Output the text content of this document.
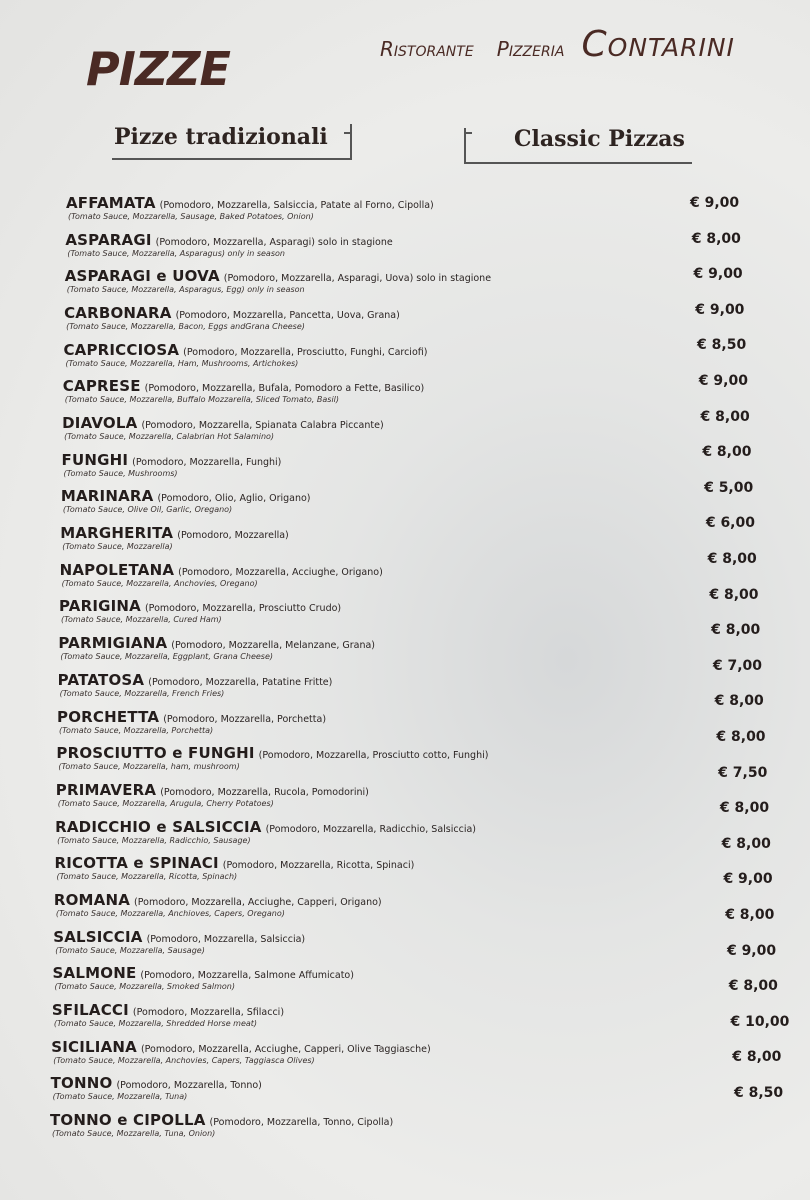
PIZZE	Ristorante Pizzeria Contarini
Pizze tradizionali	Classic Pizzas
AFFAMATA (Pomodoro, Mozzarella, Salsiccia, Patate al Forno, Cipolla)
(Tomato Sauce, Mozzarella, Sausage, Baked Potatoes, Onion)
€ 9,00
ASPARAGI (Pomodoro, Mozzarella, Asparagi) solo in stagione
(Tomato Sauce, Mozzarella, Asparagus) only in season
€ 8,00
ASPARAGI e UOVA (Pomodoro, Mozzarella, Asparagi, Uova) solo in stagione
(Tomato Sauce, Mozzarella, Asparagus, Egg) only in season
€ 9,00
CARBONARA (Pomodoro, Mozzarella, Pancetta, Uova, Grana)
(Tomato Sauce, Mozzarella, Bacon, Eggs andGrana Cheese)
€ 9,00
CAPRICCIOSA (Pomodoro, Mozzarella, Prosciutto, Funghi, Carciofi)
(Tomato Sauce, Mozzarella, Ham, Mushrooms, Artichokes)
€ 8,50
CAPRESE (Pomodoro, Mozzarella, Bufala, Pomodoro a Fette, Basilico)
(Tomato Sauce, Mozzarella, Buffalo Mozzarella, Sliced Tomato, Basil)
€ 9,00
DIAVOLA (Pomodoro, Mozzarella, Spianata Calabra Piccante)
(Tomato Sauce, Mozzarella, Calabrian Hot Salamino)
€ 8,00
FUNGHI (Pomodoro, Mozzarella, Funghi)
(Tomato Sauce, Mushrooms)
€ 8,00
MARINARA (Pomodoro, Olio, Aglio, Origano)
(Tomato Sauce, Olive Oil, Garlic, Oregano)
€ 5,00
MARGHERITA (Pomodoro, Mozzarella)
(Tomato Sauce, Mozzarella)
€ 6,00
NAPOLETANA (Pomodoro, Mozzarella, Acciughe, Origano)
(Tomato Sauce, Mozzarella, Anchovies, Oregano)
€ 8,00
PARIGINA (Pomodoro, Mozzarella, Prosciutto Crudo)
(Tomato Sauce, Mozzarella, Cured Ham)
€ 8,00
PARMIGIANA (Pomodoro, Mozzarella, Melanzane, Grana)
(Tomato Sauce, Mozzarella, Eggplant, Grana Cheese)
€ 8,00
PATATOSA (Pomodoro, Mozzarella, Patatine Fritte)
(Tomato Sauce, Mozzarella, French Fries)
€ 7,00
PORCHETTA (Pomodoro, Mozzarella, Porchetta)
(Tomato Sauce, Mozzarella, Porchetta)
€ 8,00
PROSCIUTTO e FUNGHI (Pomodoro, Mozzarella, Prosciutto cotto, Funghi)
(Tomato Sauce, Mozzarella, ham, mushroom)
€ 8,00
PRIMAVERA (Pomodoro, Mozzarella, Rucola, Pomodorini)
(Tomato Sauce, Mozzarella, Arugula, Cherry Potatoes)
€ 7,50
RADICCHIO e SALSICCIA (Pomodoro, Mozzarella, Radicchio, Salsiccia)
(Tomato Sauce, Mozzarella, Radicchio, Sausage)
€ 8,00
RICOTTA e SPINACI (Pomodoro, Mozzarella, Ricotta, Spinaci)
(Tomato Sauce, Mozzarella, Ricotta, Spinach)
€ 8,00
ROMANA (Pomodoro, Mozzarella, Acciughe, Capperi, Origano)
(Tomato Sauce, Mozzarella, Anchioves, Capers, Oregano)
€ 9,00
SALSICCIA (Pomodoro, Mozzarella, Salsiccia)
(Tomato Sauce, Mozzarella, Sausage)
€ 8,00
SALMONE (Pomodoro, Mozzarella, Salmone Affumicato)
(Tomato Sauce, Mozzarella, Smoked Salmon)
€ 9,00
SFILACCI (Pomodoro, Mozzarella, Sfilacci)
(Tomato Sauce, Mozzarella, Shredded Horse meat)
€ 8,00
SICILIANA (Pomodoro, Mozzarella, Acciughe, Capperi, Olive Taggiasche)
(Tomato Sauce, Mozzarella, Anchovies, Capers, Taggiasca Olives)
€ 10,00
TONNO (Pomodoro, Mozzarella, Tonno)
(Tomato Sauce, Mozzarella, Tuna)
€ 8,00
TONNO e CIPOLLA (Pomodoro, Mozzarella, Tonno, Cipolla)
(Tomato Sauce, Mozzarella, Tuna, Onion)
€ 8,50
